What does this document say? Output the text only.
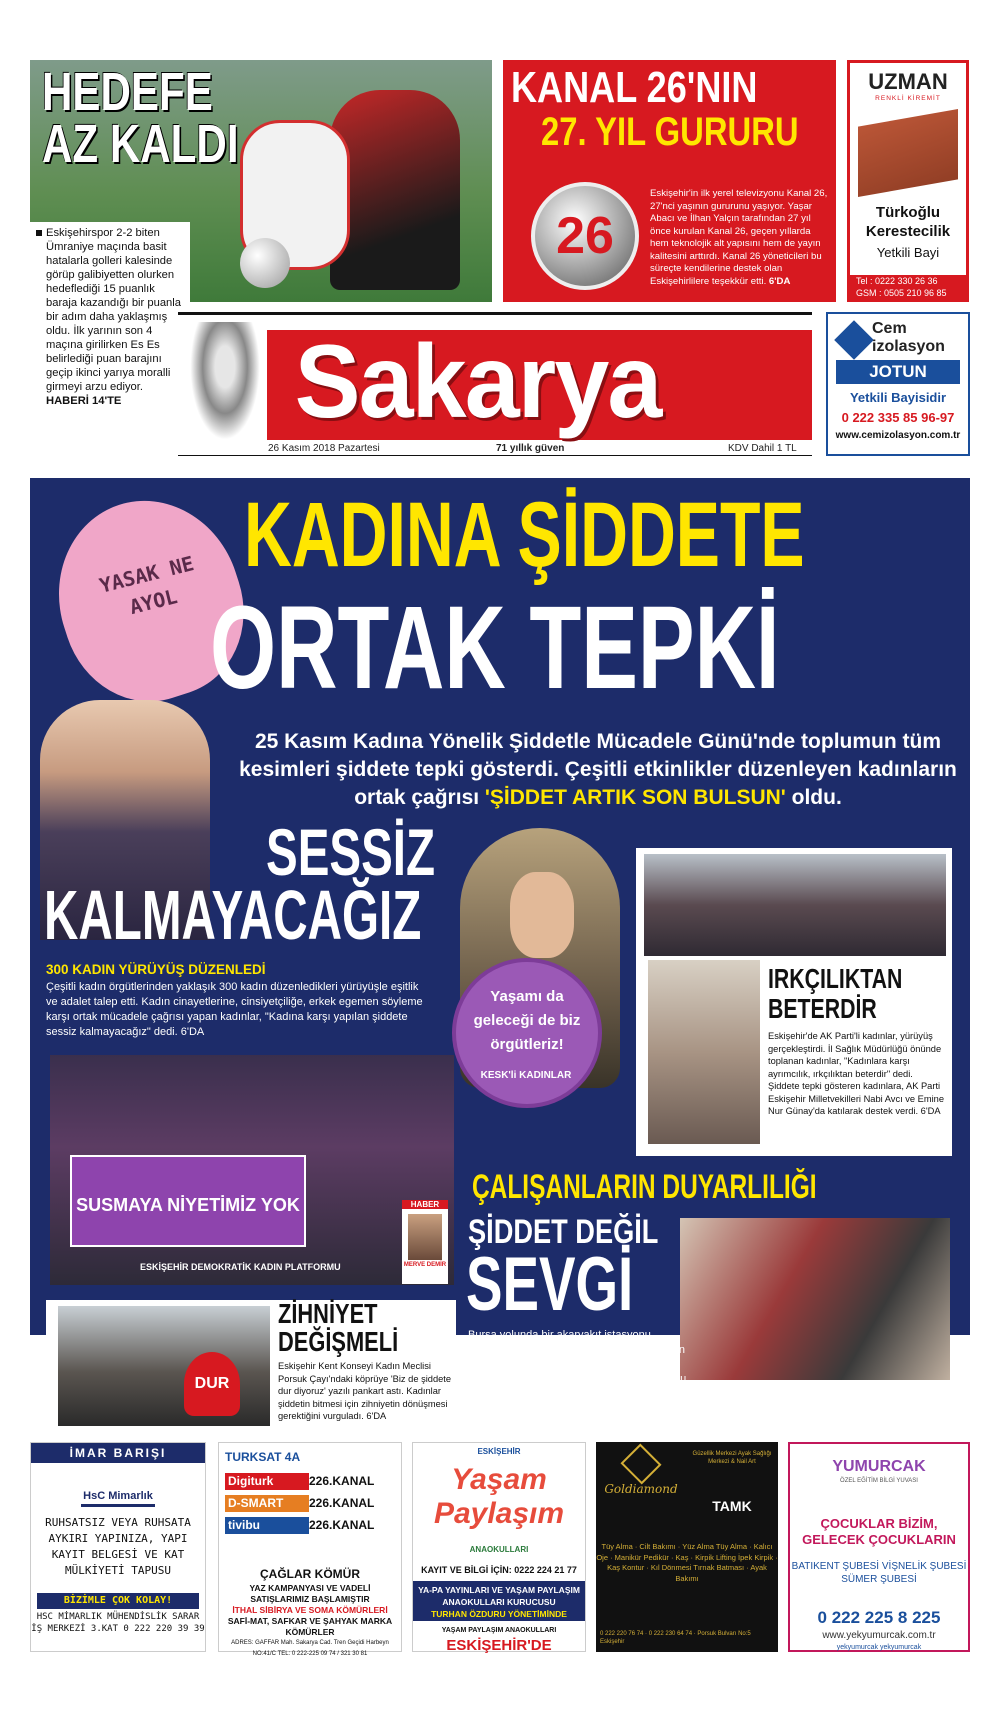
HEDEFE
AZ KALDI
Eskişehirspor 2-2 biten Ümraniye maçında basit hatalarla golleri kalesinde görüp galibiyetten olurken hedeflediği 15 puanlık baraja kazandığı bir puanla bir adım daha yaklaşmış oldu. İlk yarının son 4 maçına girilirken Es Es belirlediği puan barajını geçip ikinci yarıya moralli girmeyi arzu ediyor. HABERİ 14'TE
KANAL 26'NIN
27. YIL GURURU
26
Eskişehir'in ilk yerel televizyonu Kanal 26, 27'nci yaşının gururunu yaşıyor. Yaşar Abacı ve İlhan Yalçın tarafından 27 yıl önce kurulan Kanal 26, geçen yıllarda hem teknolojik alt yapısını hem de yayın kalitesini arttırdı. Kanal 26 yöneticileri bu süreçte kendilerine destek olan Eskişehirlilere teşekkür etti. 6'DA
UZMAN
RENKLİ KİREMİT
Türkoğlu Kerestecilik
Yetkili Bayi
Tel : 0222 330 26 36
GSM : 0505 210 96 85
Sakarya
26 Kasım 2018 Pazartesi	71 yıllık güven	KDV Dahil 1 TL
Cem izolasyon
JOTUN
Yetkili Bayisidir
0 222 335 85 96-97
www.cemizolasyon.com.tr
YASAK NE AYOL
KADINA ŞİDDETE
ORTAK TEPKİ
25 Kasım Kadına Yönelik Şiddetle Mücadele Günü'nde toplumun tüm kesimleri şiddete tepki gösterdi. Çeşitli etkinlikler düzenleyen kadınların ortak çağrısı 'ŞİDDET ARTIK SON BULSUN' oldu.
SESSİZ
KALMAYACAĞIZ
Yaşamı da geleceği de biz örgütleriz!
KESK'li KADINLAR
300 KADIN YÜRÜYÜŞ DÜZENLEDİ
Çeşitli kadın örgütlerinden yaklaşık 300 kadın düzenledikleri yürüyüşle eşitlik ve adalet talep etti. Kadın cinayetlerine, cinsiyetçiliğe, erkek egemen söyleme karşı ortak mücadele çağrısı yapan kadınlar, "Kadına karşı yapılan şiddete sessiz kalmayacağız" dedi. 6'DA
SUSMAYA NİYETİMİZ YOK
ESKİŞEHİR DEMOKRATİK KADIN PLATFORMU
HABER
MERVE DEMİR
IRKÇILIKTAN
BETERDİR
Eskişehir'de AK Parti'li kadınlar, yürüyüş gerçekleştirdi. İl Sağlık Müdürlüğü önünde toplanan kadınlar, "Kadınlara karşı ayrımcılık, ırkçılıktan beterdir" dedi. Şiddete tepki gösteren kadınlara, AK Parti Eskişehir Milletvekilleri Nabi Avcı ve Emine Nur Günay'da katılarak destek verdi. 6'DA
ÇALIŞANLARIN DUYARLILIĞI
ŞİDDET DEĞİL
SEVGİ
Bursa yolunda bir akaryakıt istasyonu çalışanları kadına şiddete dikkat çekmek için farklı bir etkinliğe imza attı. Yüzlerine şiddet görmüş gibi makyaj yapan kadınlar gün boyu bu şekilde çalışarak farkındalık yarattı. 6'DA
DUR
ZİHNİYET
DEĞİŞMELİ
Eskişehir Kent Konseyi Kadın Meclisi Porsuk Çayı'ndaki köprüye 'Biz de şiddete dur diyoruz' yazılı pankart astı. Kadınlar şiddetin bitmesi için zihniyetin dönüşmesi gerektiğini vurguladı. 6'DA
İMAR BARIŞI
HsC Mimarlık
RUHSATSIZ VEYA RUHSATA AYKIRI YAPINIZA, YAPI KAYIT BELGESİ VE KAT MÜLKİYETİ TAPUSU
BİZİMLE ÇOK KOLAY!
HSC MİMARLIK MÜHENDİSLİK SARAR İŞ MERKEZİ 3.KAT 0 222 220 39 39
TURKSAT 4A
Digiturk	226.KANAL
D-SMART 226.KANAL
tivibu	226.KANAL
ÇAĞLAR KÖMÜR
YAZ KAMPANYASI VE VADELİ SATIŞLARIMIZ BAŞLAMIŞTIR
İTHAL SİBİRYA VE SOMA KÖMÜRLERİ
SAFİ-MAT, SAFKAR VE ŞAHYAK MARKA KÖMÜRLER
ADRES: GAFFAR Mah. Sakarya Cad. Tren Geçidi Harbeyn NO:41/C TEL: 0 222-225 09 74 / 321 30 81
ESKİŞEHİR
Yaşam Paylaşım
ANAOKULLARI
KAYIT VE BİLGİ İÇİN: 0222 224 21 77
YA-PA YAYINLARI VE YAŞAM PAYLAŞIM ANAOKULLARI KURUCUSU
TURHAN ÖZDURU YÖNETİMİNDE
YAŞAM PAYLAŞIM ANAOKULLARI
ESKİŞEHİR'DE
Goldiamond
Güzellik Merkezi Ayak Sağlığı Merkezi & Nail Art
TAMK
Tüy Alma · Cilt Bakımı · Yüz Alma Tüy Alma · Kalıcı Oje · Manikür Pedikür · Kaş · Kirpik Lifting İpek Kirpik · Kaş Kontur · Kıl Dönmesi Tırnak Batması · Ayak Bakımı
0 222 220 76 74 · 0 222 230 64 74 · Porsuk Bulvarı No:5 Eskişehir
YUMURCAK
ÖZEL EĞİTİM BİLGİ YUVASI
ÇOCUKLAR BİZİM, GELECEK ÇOCUKLARIN
BATIKENT ŞUBESİ VİŞNELİK ŞUBESİ SÜMER ŞUBESİ
0 222 225 8 225
www.yekyumurcak.com.tr
yekyumurcak yekyumurcak
